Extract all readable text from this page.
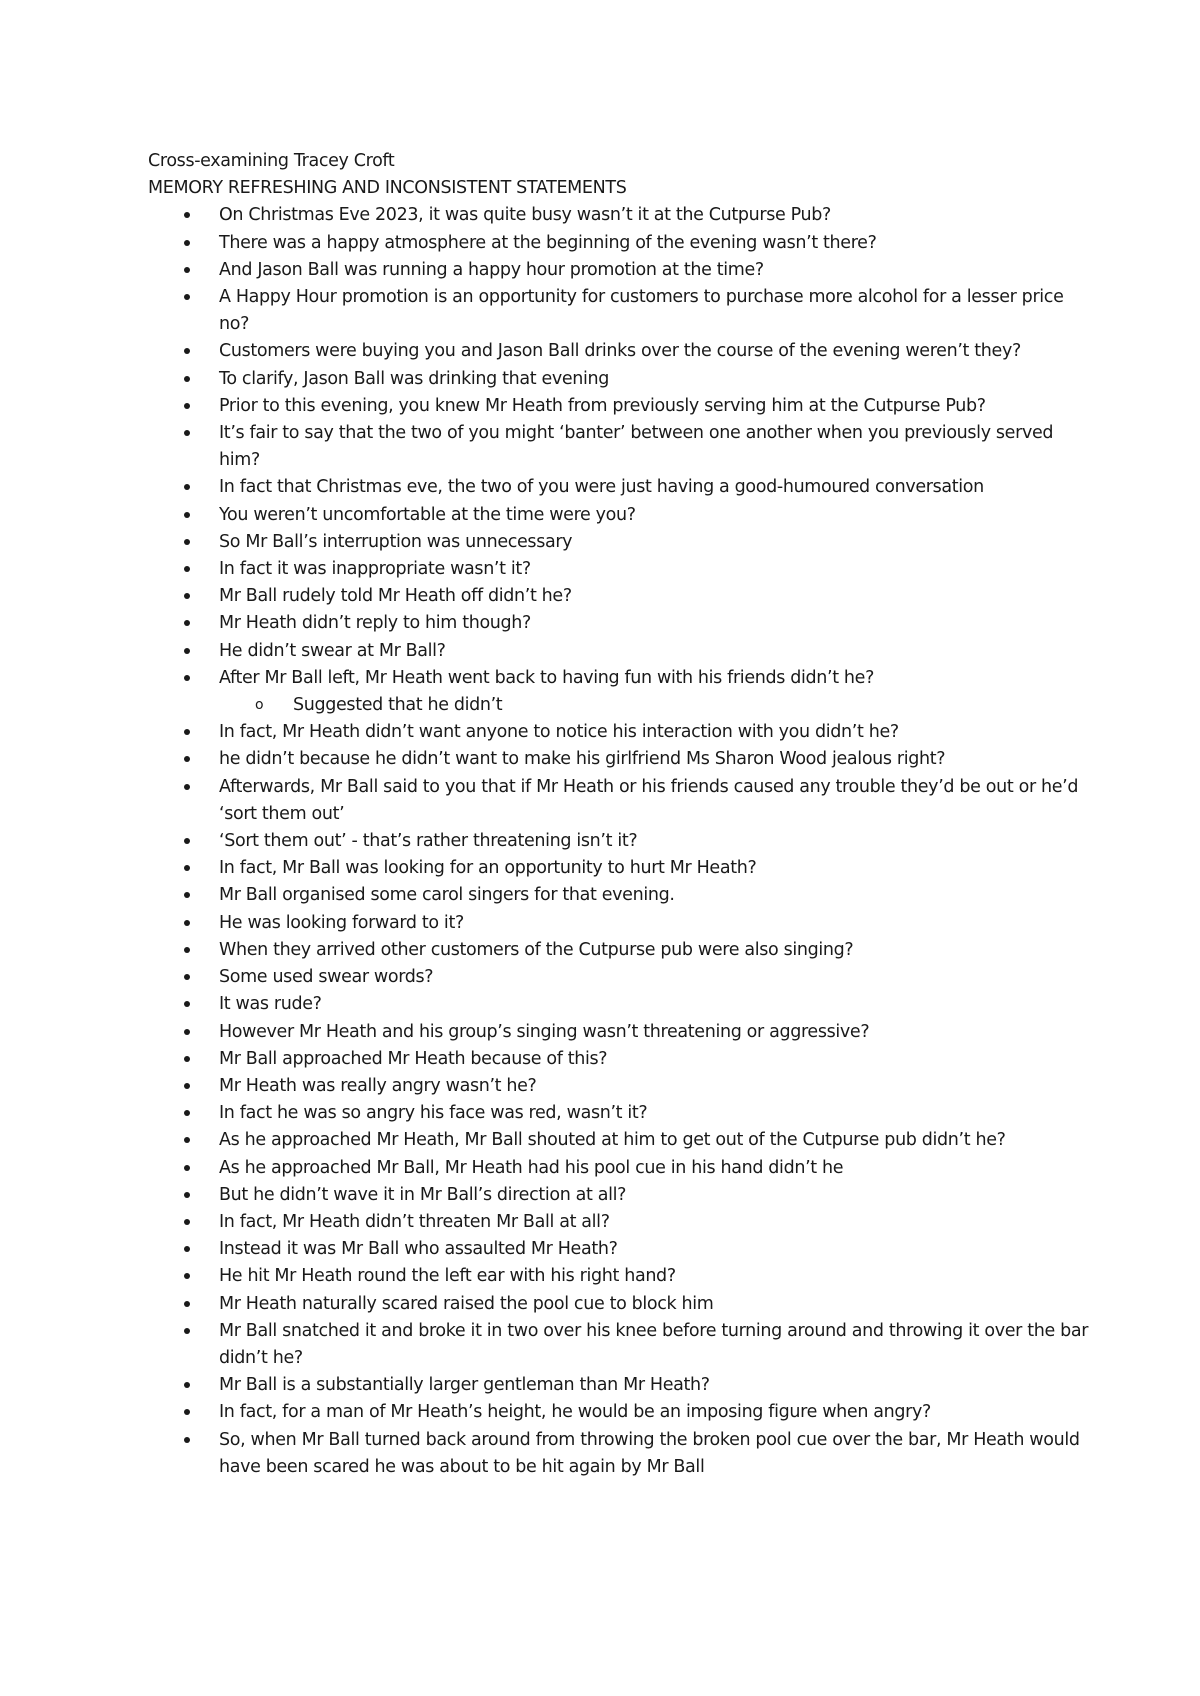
Cross-examining Tracey Croft
MEMORY REFRESHING AND INCONSISTENT STATEMENTS
On Christmas Eve 2023, it was quite busy wasn’t it at the Cutpurse Pub?
There was a happy atmosphere at the beginning of the evening wasn’t there?
And Jason Ball was running a happy hour promotion at the time?
A Happy Hour promotion is an opportunity for customers to purchase more alcohol for a lesser price no?
Customers were buying you and Jason Ball drinks over the course of the evening weren’t they?
To clarify, Jason Ball was drinking that evening
Prior to this evening, you knew Mr Heath from previously serving him at the Cutpurse Pub?
It’s fair to say that the two of you might ‘banter’ between one another when you previously served him?
In fact that Christmas eve, the two of you were just having a good-humoured conversation
You weren’t uncomfortable at the time were you?
So Mr Ball’s interruption was unnecessary
In fact it was inappropriate wasn’t it?
Mr Ball rudely told Mr Heath off didn’t he?
Mr Heath didn’t reply to him though?
He didn’t swear at Mr Ball?
After Mr Ball left, Mr Heath went back to having fun with his friends didn’t he?
o Suggested that he didn’t
In fact, Mr Heath didn’t want anyone to notice his interaction with you didn’t he?
he didn’t because he didn’t want to make his girlfriend Ms Sharon Wood jealous right?
Afterwards, Mr Ball said to you that if Mr Heath or his friends caused any trouble they’d be out or he’d ‘sort them out’
‘Sort them out’ - that’s rather threatening isn’t it?
In fact, Mr Ball was looking for an opportunity to hurt Mr Heath?
Mr Ball organised some carol singers for that evening.
He was looking forward to it?
When they arrived other customers of the Cutpurse pub were also singing?
Some used swear words?
It was rude?
However Mr Heath and his group’s singing wasn’t threatening or aggressive?
Mr Ball approached Mr Heath because of this?
Mr Heath was really angry wasn’t he?
In fact he was so angry his face was red, wasn’t it?
As he approached Mr Heath, Mr Ball shouted at him to get out of the Cutpurse pub didn’t he?
As he approached Mr Ball, Mr Heath had his pool cue in his hand didn’t he
But he didn’t wave it in Mr Ball’s direction at all?
In fact, Mr Heath didn’t threaten Mr Ball at all?
Instead it was Mr Ball who assaulted Mr Heath?
He hit Mr Heath round the left ear with his right hand?
Mr Heath naturally scared raised the pool cue to block him
Mr Ball snatched it and broke it in two over his knee before turning around and throwing it over the bar didn’t he?
Mr Ball is a substantially larger gentleman than Mr Heath?
In fact, for a man of Mr Heath’s height, he would be an imposing figure when angry?
So, when Mr Ball turned back around from throwing the broken pool cue over the bar, Mr Heath would have been scared he was about to be hit again by Mr Ball
